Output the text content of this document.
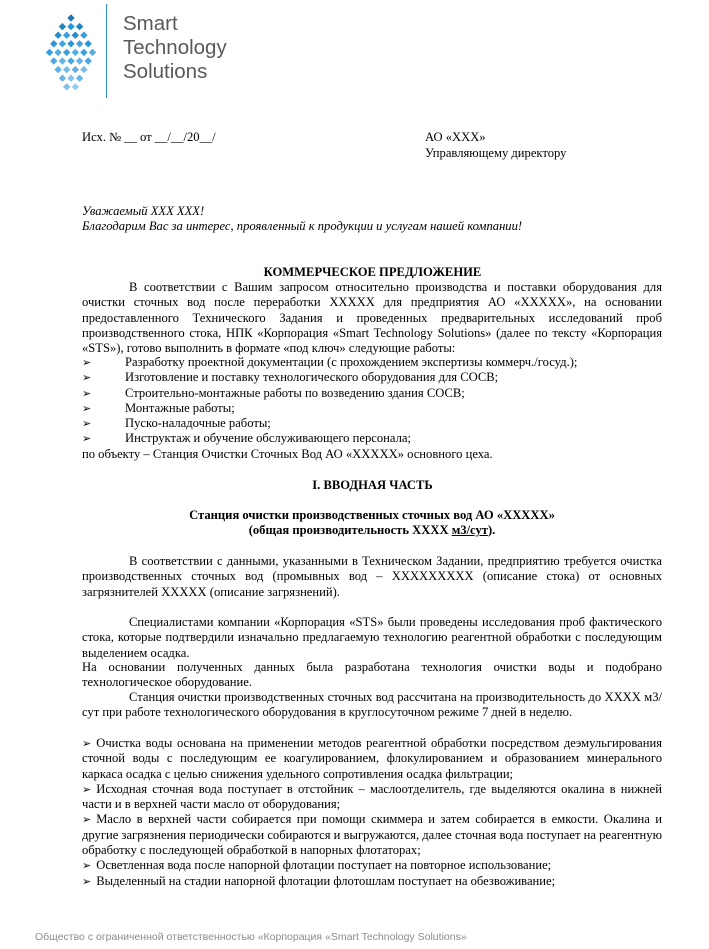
Smart
Technology
Solutions
Исх. № __ от __/__/20__/	АО «ХХХ»
Управляющему директору
Уважаемый ХХХ ХХХ!
Благодарим Вас за интерес, проявленный к продукции и услугам нашей компании!
КОММЕРЧЕСКОЕ ПРЕДЛОЖЕНИЕ
В соответствии с Вашим запросом относительно производства и поставки оборудования для очистки сточных вод после переработки ХХХХХ для предприятия АО «ХХХХХ», на основании предоставленного Технического Задания и проведенных предварительных исследований проб производственного стока, НПК «Корпорация «Smart Technology Solutions» (далее по тексту «Корпорация «STS»), готово выполнить в формате «под ключ» следующие работы:
➢	Разработку проектной документации (с прохождением экспертизы коммерч./госуд.);
➢	Изготовление и поставку технологического оборудования для СОСВ;
➢	Строительно-монтажные работы по возведению здания СОСВ;
➢	Монтажные работы;
➢	Пуско-наладочные работы;
➢	Инструктаж и обучение обслуживающего персонала;
по объекту – Станция Очистки Сточных Вод АО «ХХХХХ» основного цеха.
I. ВВОДНАЯ ЧАСТЬ
Станция очистки производственных сточных вод АО «ХХХХХ»
(общая производительность ХХХХ м3/сут).
В соответствии с данными, указанными в Техническом Задании, предприятию требуется очистка производственных сточных вод (промывных вод – ХХХХХХХХХ (описание стока) от основных загрязнителей ХХХХХ (описание загрязнений).
Специалистами компании «Корпорация «STS» были проведены исследования проб фактического стока, которые подтвердили изначально предлагаемую технологию реагентной обработки с последующим выделением осадка.
На основании полученных данных была разработана технология очистки воды и подобрано технологическое оборудование.
Станция очистки производственных сточных вод рассчитана на производительность до ХХХХ м3/сут при работе технологического оборудования в круглосуточном режиме 7 дней в неделю.
➢ Очистка воды основана на применении методов реагентной обработки посредством деэмульгирования сточной воды с последующим ее коагулированием, флокулированием и образованием минерального каркаса осадка с целью снижения удельного сопротивления осадка фильтрации;
➢ Исходная сточная вода поступает в отстойник – маслоотделитель, где выделяются окалина в нижней части и в верхней части масло от оборудования;
➢ Масло в верхней части собирается при помощи скиммера и затем собирается в емкости. Окалина и другие загрязнения периодически собираются и выгружаются, далее сточная вода поступает на реагентную обработку с последующей обработкой в напорных флотаторах;
➢ Осветленная вода после напорной флотации поступает на повторное использование;
➢ Выделенный на стадии напорной флотации флотошлам поступает на обезвоживание;
Общество с ограниченной ответственностью «Корпорация «Smart Technology Solutions»
